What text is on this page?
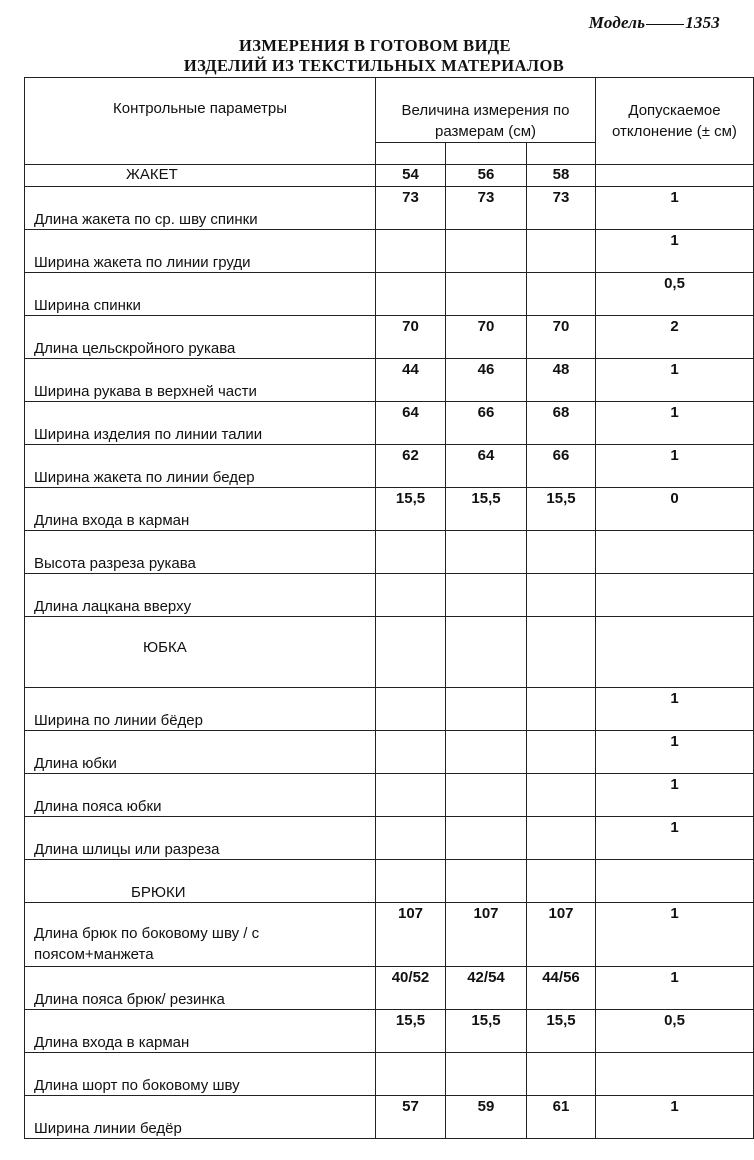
Модель 1353
ИЗМЕРЕНИЯ В ГОТОВОМ ВИДЕ
ИЗДЕЛИЙ ИЗ ТЕКСТИЛЬНЫХ МАТЕРИАЛОВ
Контрольные параметры	Величина измерения по размерам (см)			Допускаемое отклонение (± см)

ЖАКЕТ	54	56	58	
Длина жакета по ср. шву спинки	73	73	73	1
Ширина жакета по линии груди				1
Ширина спинки				0,5
Длина цельскройного рукава	70	70	70	2
Ширина рукава в верхней части	44	46	48	1
Ширина изделия по линии талии	64	66	68	1
Ширина жакета по линии бедер	62	64	66	1
Длина входа в карман	15,5	15,5	15,5	0
Высота разреза рукава				
Длина лацкана вверху				
ЮБКА				
Ширина по линии бёдер				1
Длина юбки				1
Длина пояса юбки				1
Длина шлицы или разреза				1
БРЮКИ				
Длина брюк по боковому шву / с поясом+манжета	107	107	107	1
Длина пояса брюк/ резинка	40/52	42/54	44/56	1
Длина входа в карман	15,5	15,5	15,5	0,5
Длина шорт по боковому шву				
Ширина линии бедёр	57	59	61	1
